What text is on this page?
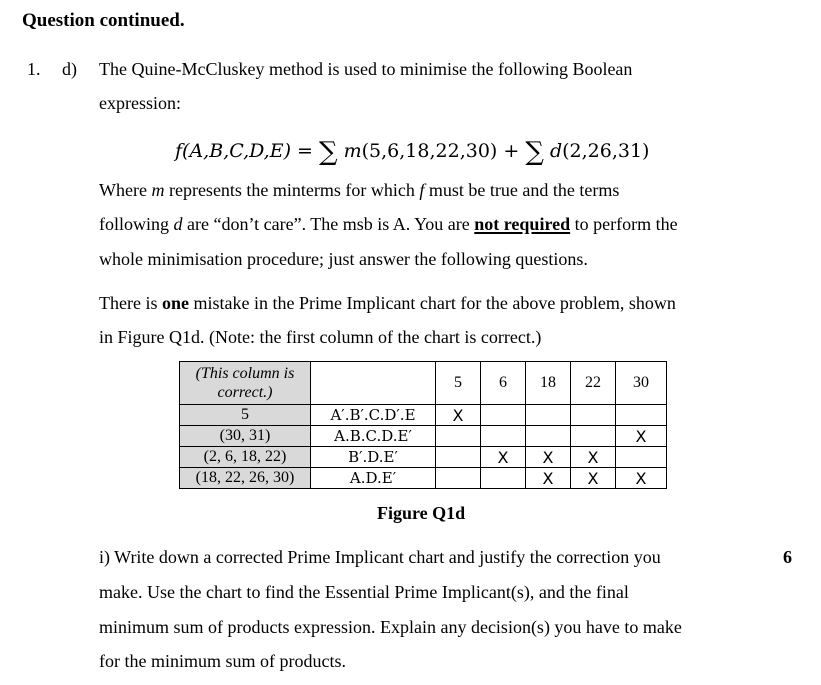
Question continued.
1. d) The Quine-McCluskey method is used to minimise the following Boolean
expression:
f(A,B,C,D,E) = ∑ m(5,6,18,22,30) + ∑ d(2,26,31)
Where m represents the minterms for which f must be true and the terms
following d are “don’t care”. The msb is A. You are not required to perform the
whole minimisation procedure; just answer the following questions.
There is one mistake in the Prime Implicant chart for the above problem, shown
in Figure Q1d. (Note: the first column of the chart is correct.)
(This column is
correct.)		5	6	18	22	30
5	A′.B′.C.D′.E	X				
(30, 31)	A.B.C.D.E′					X
(2, 6, 18, 22)	B′.D.E′		X	X	X	
(18, 22, 26, 30)	A.D.E′			X	X	X
Figure Q1d
i) Write down a corrected Prime Implicant chart and justify the correction you
make. Use the chart to find the Essential Prime Implicant(s), and the final
minimum sum of products expression. Explain any decision(s) you have to make
for the minimum sum of products.
6
